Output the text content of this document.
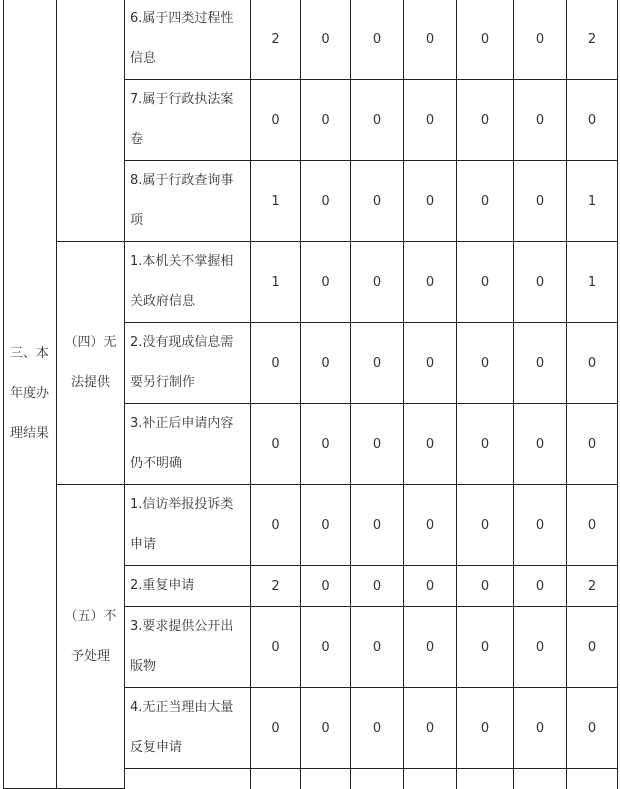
三、本年度办理结果		6.属于四类过程性信息	2	0	0	0	0	0	2
		7.属于行政执法案卷	0	0	0	0	0	0	0
		8.属于行政查询事项	1	0	0	0	0	0	1
	（四）无法提供	1.本机关不掌握相关政府信息	1	0	0	0	0	0	1
		2.没有现成信息需要另行制作	0	0	0	0	0	0	0
		3.补正后申请内容仍不明确	0	0	0	0	0	0	0
	（五）不予处理	1.信访举报投诉类申请	0	0	0	0	0	0	0
		2.重复申请	2	0	0	0	0	0	2
		3.要求提供公开出版物	0	0	0	0	0	0	0
		4.无正当理由大量反复申请	0	0	0	0	0	0	0
